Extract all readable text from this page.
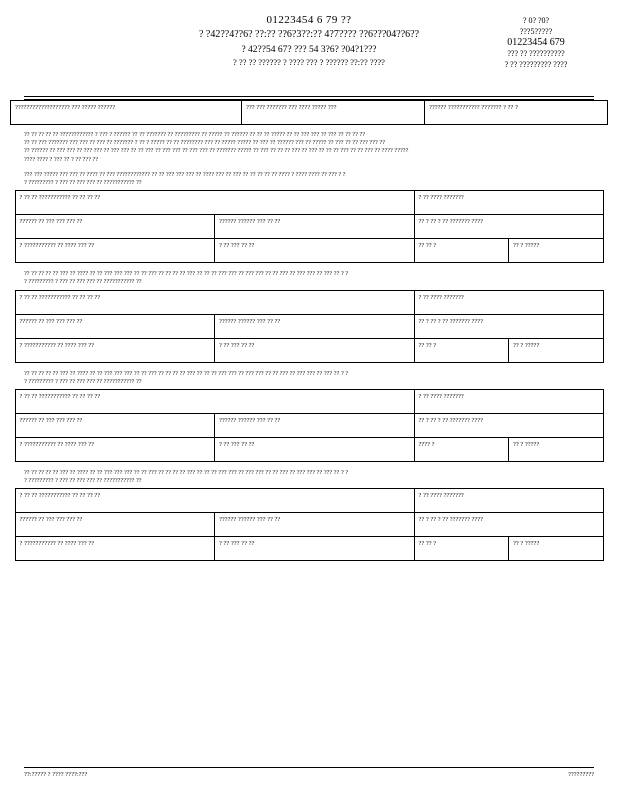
01223454 6 79 ??
? ?42??4??6? ??:?? ??6?3??:?? 4?7???? ??6???04??6??
? 42??54 67? ??? 54 3?6? ?04?1???
? ?? ?? ?????? ? ???? ??? ? ?????? ??:?? ????
? 0? ?0?
???5?????
01223454 679
??? ?? ??????????
? ?? ????????? ????
??????????????????? ??? ????? ??????	??? ??? ??????? ??? ???? ????? ???	?????? ??????????? ??????? ? ?? ?
?? ?? ?? ?? ?? ???????????? ? ??? ? ?????? ?? ?? ??????? ?? ????????? ?? ????? ?? ?????? ?? ?? ?? ????? ?? ?? ??? ??? ?? ??? ?? ?? ?? ??
?? ?? ??? ??????? ??? ??? ?? ??? ?? ??????? ? ?? ? ????? ?? ?? ???????? ??? ?? ????? ????? ?? ??? ?? ?????? ??? ?? ????? ?? ??? ?? ?? ??? ??? ??
?? ?????? ?? ??? ??? ?? ??? ??? ?? ??? ??? ?? ?? ??? ?? ??? ??? ?? ??? ??? ?? ??????? ????? ?? ??? ?? ?? ?? ??? ?? ??? ?? ?? ?? ??? ?? ?? ??? ?? ???? ?????
???? ???? ? ??? ?? ? ?? ??? ??
??? ??? ????? ??? ??? ?? ???? ?? ??? ???????????? ?? ?? ??? ??? ??? ?? ???? ??? ?? ??? ?? ?? ?? ?? ?? ???? ? ???? ???? ?? ??? ? ?
? ????????? ? ??? ?? ??? ??? ?? ??????????? ??
? ?? ?? ??????????? ?? ?? ?? ??		? ?? ???? ???????	
?????? ?? ??? ??? ??? ??	?????? ?????? ??? ?? ??	?? ? ?? ? ?? ??????? ????	
? ??????????? ?? ???? ??? ??	? ?? ??? ?? ??	?? ?? ?	?? ? ?????
?? ?? ?? ?? ?? ??? ?? ???? ?? ?? ??? ??? ??? ?? ?? ??? ?? ?? ?? ?? ??? ?? ?? ?? ??? ??? ?? ??? ??? ?? ?? ??? ?? ??? ??? ?? ??? ?? ? ?
? ????????? ? ??? ?? ??? ??? ?? ??????????? ??
? ?? ?? ??????????? ?? ?? ?? ??		? ?? ???? ???????	
?????? ?? ??? ??? ??? ??	?????? ?????? ??? ?? ??	?? ? ?? ? ?? ??????? ????	
? ??????????? ?? ???? ??? ??	? ?? ??? ?? ??	?? ?? ?	?? ? ?????
?? ?? ?? ?? ?? ??? ?? ???? ?? ?? ??? ??? ??? ?? ?? ??? ?? ?? ?? ?? ??? ?? ?? ?? ??? ??? ?? ??? ??? ?? ?? ??? ?? ??? ??? ?? ??? ?? ? ?
? ????????? ? ??? ?? ??? ??? ?? ??????????? ??
? ?? ?? ??????????? ?? ?? ?? ??		? ?? ???? ???????	
?????? ?? ??? ??? ??? ??	?????? ?????? ??? ?? ??	?? ? ?? ? ?? ??????? ????	
? ??????????? ?? ???? ??? ??	? ?? ??? ?? ??	???? ?	?? ? ?????
?? ?? ?? ?? ?? ??? ?? ???? ?? ?? ??? ??? ??? ?? ?? ??? ?? ?? ?? ?? ??? ?? ?? ?? ??? ??? ?? ??? ??? ?? ?? ??? ?? ??? ??? ?? ??? ?? ? ?
? ????????? ? ??? ?? ??? ??? ?? ??????????? ??
? ?? ?? ??????????? ?? ?? ?? ??		? ?? ???? ???????	
?????? ?? ??? ??? ??? ??	?????? ?????? ??? ?? ??	?? ? ?? ? ?? ??????? ????	
? ??????????? ?? ???? ??? ??	? ?? ??? ?? ??	?? ?? ?	?? ? ?????
??:????? ? ???? ????:???	?????????
